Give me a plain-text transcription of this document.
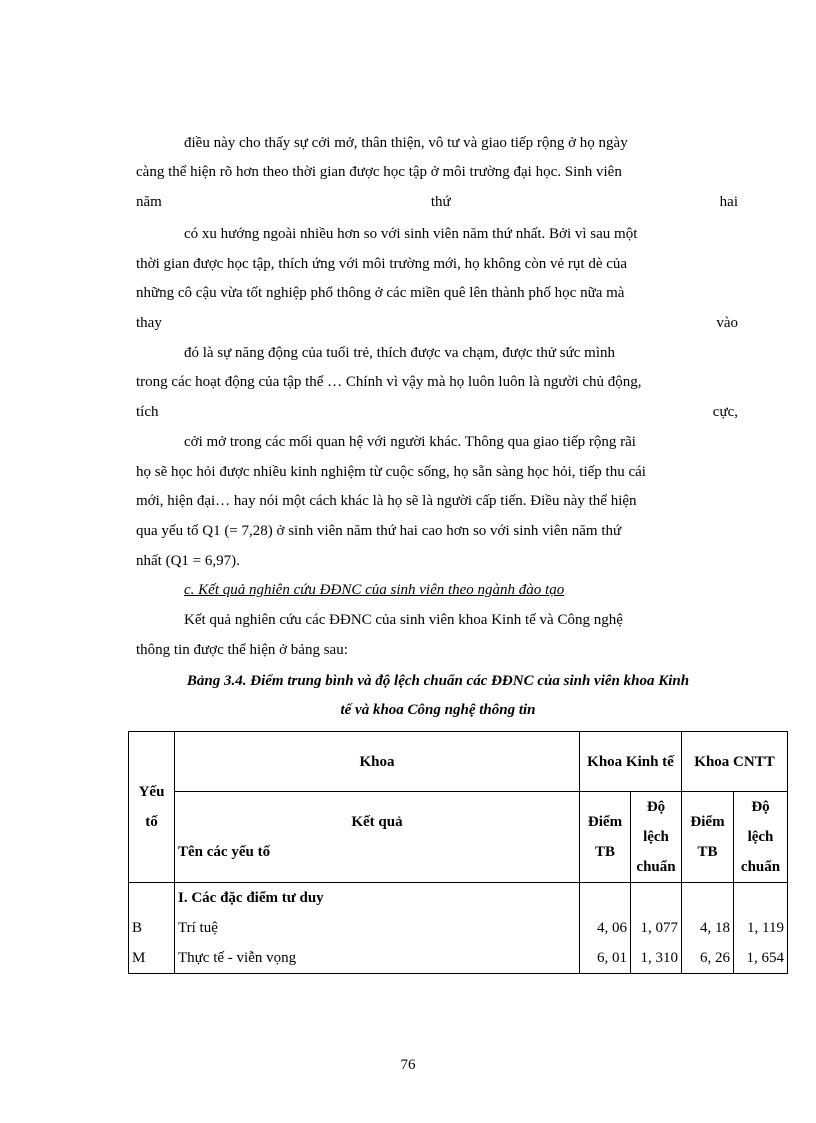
điều này cho thấy sự cởi mở, thân thiện, vô tư và giao tiếp rộng ở họ ngày
càng thể hiện rõ hơn theo thời gian được học tập ở môi trường đại học. Sinh viên
năm	thứ	hai
có xu hướng ngoài nhiều hơn so với sinh viên năm thứ nhất. Bởi vì sau một
thời gian được học tập, thích ứng với môi trường mới, họ không còn vẻ rụt dè của
những cô cậu vừa tốt nghiệp phổ thông ở các miền quê lên thành phố học nữa mà
thay	vào
đó là sự năng động của tuổi trẻ, thích được va chạm, được thử sức mình
trong các hoạt động của tập thể … Chính vì vậy mà họ luôn luôn là người chủ động,
tích	cực,
cởi mở trong các mối quan hệ với người khác. Thông qua giao tiếp rộng rãi
họ sẽ học hỏi được nhiều kinh nghiệm từ cuộc sống, họ sẵn sàng học hỏi, tiếp thu cái
mới, hiện đại… hay nói một cách khác là họ sẽ là người cấp tiến. Điều này thể hiện
qua yếu tố Q1 (= 7,28) ở sinh viên năm thứ hai cao hơn so với sinh viên năm thứ
nhất (Q1 = 6,97).
c. Kết quả nghiên cứu ĐĐNC của sinh viên theo ngành đào tạo
Kết quả nghiên cứu các ĐĐNC của sinh viên khoa Kinh tế và Công nghệ
thông tin được thể hiện ở bảng sau:
Bảng 3.4. Điểm trung bình và độ lệch chuẩn các ĐĐNC của sinh viên khoa Kinh
tế và khoa Công nghệ thông tin
Yếu tố	Khoa	Khoa Kinh tế		Khoa CNTT	

	Kết quả
Tên các yếu tố	Điểm TB	Độ lệch chuẩn	Điểm TB	Độ lệch chuẩn
	I. Các đặc điểm tư duy				
B	Trí tuệ	4, 06	1, 077	4, 18	1, 119
M	Thực tế - viễn vọng	6, 01	1, 310	6, 26	1, 654
76
